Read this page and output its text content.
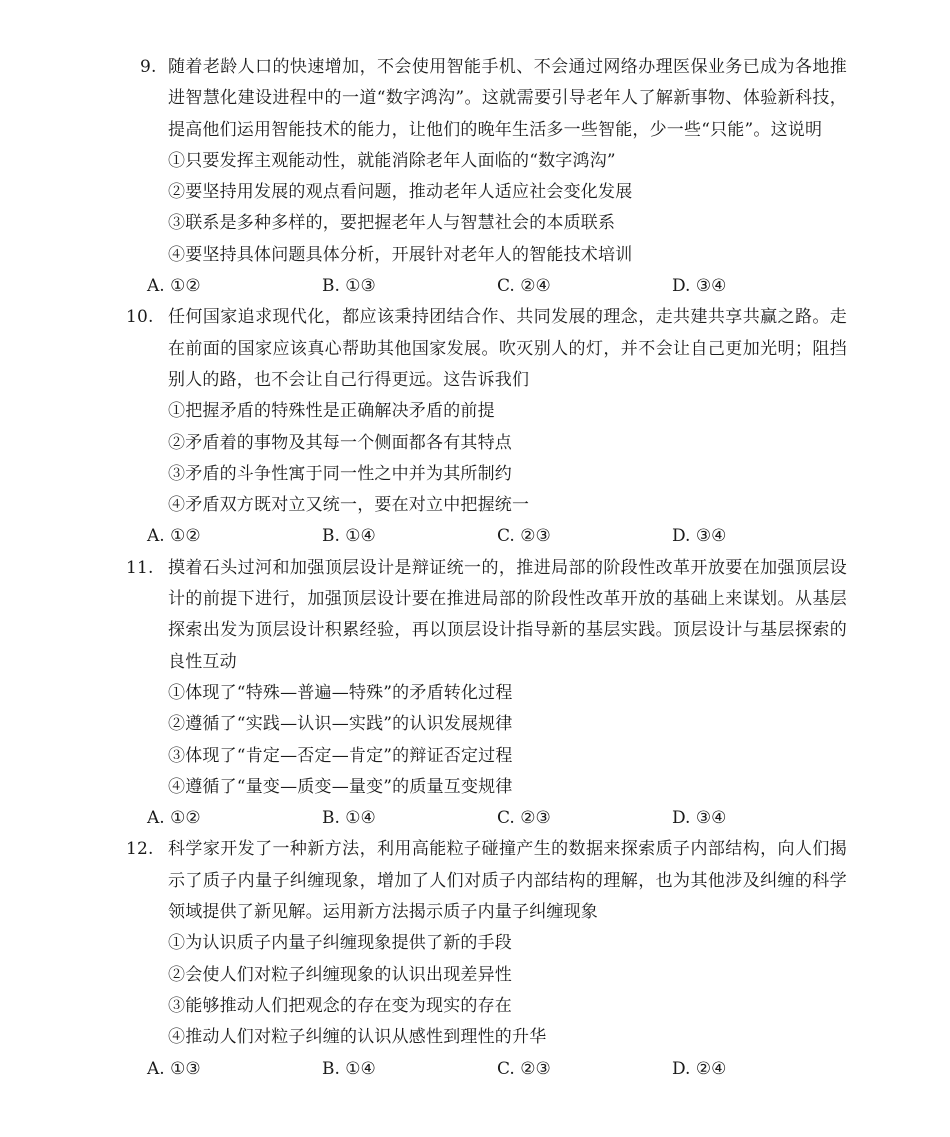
9. 随着老龄人口的快速增加，不会使用智能手机、不会通过网络办理医保业务已成为各地推进智慧化建设进程中的一道“数字鸿沟”。这就需要引导老年人了解新事物、体验新科技，提高他们运用智能技术的能力，让他们的晚年生活多一些智能，少一些“只能”。这说明
①只要发挥主观能动性，就能消除老年人面临的“数字鸿沟”
②要坚持用发展的观点看问题，推动老年人适应社会变化发展
③联系是多种多样的，要把握老年人与智慧社会的本质联系
④要坚持具体问题具体分析，开展针对老年人的智能技术培训
A. ①②	B. ①③	C. ②④	D. ③④
10. 任何国家追求现代化，都应该秉持团结合作、共同发展的理念，走共建共享共赢之路。走在前面的国家应该真心帮助其他国家发展。吹灭别人的灯，并不会让自己更加光明；阻挡别人的路，也不会让自己行得更远。这告诉我们
①把握矛盾的特殊性是正确解决矛盾的前提
②矛盾着的事物及其每一个侧面都各有其特点
③矛盾的斗争性寓于同一性之中并为其所制约
④矛盾双方既对立又统一，要在对立中把握统一
A. ①②	B. ①④	C. ②③	D. ③④
11. 摸着石头过河和加强顶层设计是辩证统一的，推进局部的阶段性改革开放要在加强顶层设计的前提下进行，加强顶层设计要在推进局部的阶段性改革开放的基础上来谋划。从基层探索出发为顶层设计积累经验，再以顶层设计指导新的基层实践。顶层设计与基层探索的良性互动
①体现了“特殊—普遍—特殊”的矛盾转化过程
②遵循了“实践—认识—实践”的认识发展规律
③体现了“肯定—否定—肯定”的辩证否定过程
④遵循了“量变—质变—量变”的质量互变规律
A. ①②	B. ①④	C. ②③	D. ③④
12. 科学家开发了一种新方法，利用高能粒子碰撞产生的数据来探索质子内部结构，向人们揭示了质子内量子纠缠现象，增加了人们对质子内部结构的理解，也为其他涉及纠缠的科学领域提供了新见解。运用新方法揭示质子内量子纠缠现象
①为认识质子内量子纠缠现象提供了新的手段
②会使人们对粒子纠缠现象的认识出现差异性
③能够推动人们把观念的存在变为现实的存在
④推动人们对粒子纠缠的认识从感性到理性的升华
A. ①③	B. ①④	C. ②③	D. ②④
